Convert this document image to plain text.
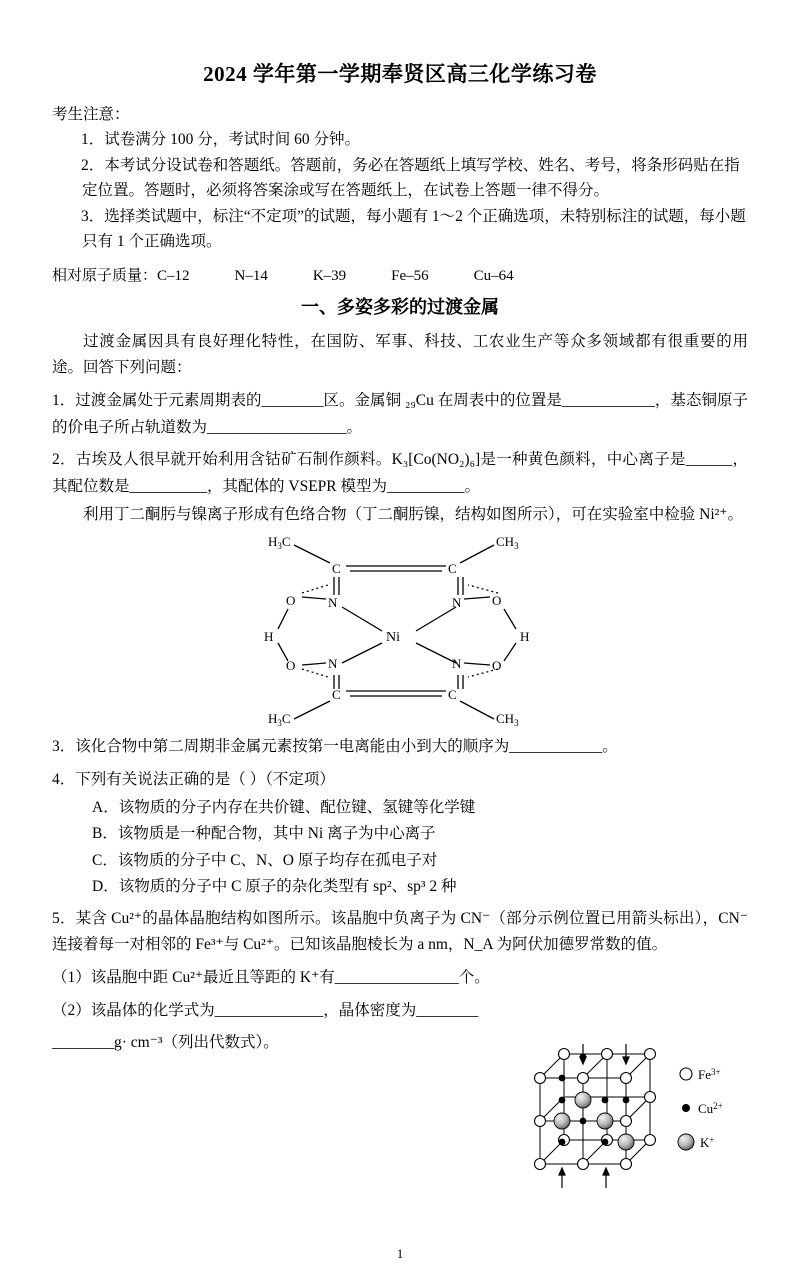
2024 学年第一学期奉贤区高三化学练习卷
考生注意：

1．试卷满分 100 分，考试时间 60 分钟。

2．本考试分设试卷和答题纸。答题前，务必在答题纸上填写学校、姓名、考号，将条形码贴在指定位置。答题时，必须将答案涂或写在答题纸上，在试卷上答题一律不得分。

3．选择类试题中，标注“不定项”的试题，每小题有 1～2 个正确选项，未特别标注的试题，每小题只有 1 个正确选项。

相对原子质量：C–12            N–14            K–39            Fe–56            Cu–64
一、多姿多彩的过渡金属

过渡金属因具有良好理化特性，在国防、军事、科技、工农业生产等众多领域都有很重要的用途。回答下列问题：

1．过渡金属处于元素周期表的________区。金属铜 ₂₉Cu 在周表中的位置是____________，基态铜原子的价电子所占轨道数为__________________。

2．古埃及人很早就开始利用含钴矿石制作颜料。K₃[Co(NO₂)₆]是一种黄色颜料，中心离子是______，其配位数是__________，其配体的 VSEPR 模型为__________。

利用丁二酮肟与镍离子形成有色络合物（丁二酮肟镍，结构如图所示），可在实验室中检验 Ni²⁺。

$H_3C$	$CH_3$
$H_3C$	$CH_3$
C	C
C	C
N	N
N	N
O	O
O	O
H	H
Ni

3．该化合物中第二周期非金属元素按第一电离能由小到大的顺序为____________。

4．下列有关说法正确的是（ ）（不定项）

A．该物质的分子内存在共价键、配位键、氢键等化学键

B．该物质是一种配合物，其中 Ni 离子为中心离子

C．该物质的分子中 C、N、O 原子均存在孤电子对

D．该物质的分子中 C 原子的杂化类型有 sp²、sp³ 2 种

5．某含 Cu²⁺的晶体晶胞结构如图所示。该晶胞中负离子为 CN⁻（部分示例位置已用箭头标出），CN⁻连接着每一对相邻的 Fe³⁺与 Cu²⁺。已知该晶胞棱长为 a nm，N_A 为阿伏加德罗常数的值。

（1）该晶胞中距 Cu²⁺最近且等距的 K⁺有________________个。

（2）该晶体的化学式为______________，晶体密度为________

________g· cm⁻³（列出代数式）。

$Fe^{3+}$
$Cu^{2+}$
K+
1
